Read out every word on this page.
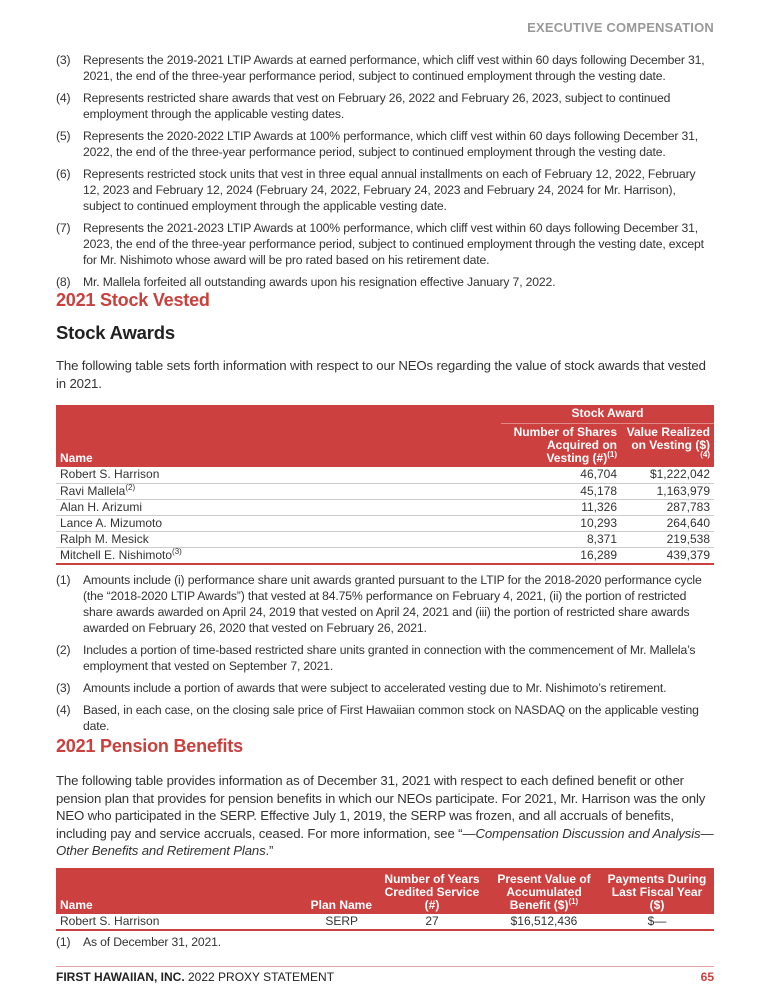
EXECUTIVE COMPENSATION
(3)	Represents the 2019-2021 LTIP Awards at earned performance, which cliff vest within 60 days following December 31, 2021, the end of the three-year performance period, subject to continued employment through the vesting date.
(4)	Represents restricted share awards that vest on February 26, 2022 and February 26, 2023, subject to continued employment through the applicable vesting dates.
(5)	Represents the 2020-2022 LTIP Awards at 100% performance, which cliff vest within 60 days following December 31, 2022, the end of the three-year performance period, subject to continued employment through the vesting date.
(6)	Represents restricted stock units that vest in three equal annual installments on each of February 12, 2022, February 12, 2023 and February 12, 2024 (February 24, 2022, February 24, 2023 and February 24, 2024 for Mr. Harrison), subject to continued employment through the applicable vesting date.
(7)	Represents the 2021-2023 LTIP Awards at 100% performance, which cliff vest within 60 days following December 31, 2023, the end of the three-year performance period, subject to continued employment through the vesting date, except for Mr. Nishimoto whose award will be pro rated based on his retirement date.
(8)	Mr. Mallela forfeited all outstanding awards upon his resignation effective January 7, 2022.
2021 Stock Vested
Stock Awards

The following table sets forth information with respect to our NEOs regarding the value of stock awards that vested in 2021.

Name	Stock Award	
	Number of Shares Acquired on Vesting (#)$^{(1)}$	Value Realized on Vesting ($)$^{(4)}$
Robert S. Harrison	46,704	$1,222,042
Ravi Mallela$^{(2)}$	45,178	1,163,979
Alan H. Arizumi	11,326	287,783
Lance A. Mizumoto	10,293	264,640
Ralph M. Mesick	8,371	219,538
Mitchell E. Nishimoto$^{(3)}$	16,289	439,379
(1)	Amounts include (i) performance share unit awards granted pursuant to the LTIP for the 2018-2020 performance cycle (the “2018-2020 LTIP Awards”) that vested at 84.75% performance on February 4, 2021, (ii) the portion of restricted share awards awarded on April 24, 2019 that vested on April 24, 2021 and (iii) the portion of restricted share awards awarded on February 26, 2020 that vested on February 26, 2021.
(2)	Includes a portion of time-based restricted share units granted in connection with the commencement of Mr. Mallela’s employment that vested on September 7, 2021.
(3)	Amounts include a portion of awards that were subject to accelerated vesting due to Mr. Nishimoto’s retirement.
(4)	Based, in each case, on the closing sale price of First Hawaiian common stock on NASDAQ on the applicable vesting date.
2021 Pension Benefits

The following table provides information as of December 31, 2021 with respect to each defined benefit or other pension plan that provides for pension benefits in which our NEOs participate. For 2021, Mr. Harrison was the only NEO who participated in the SERP. Effective July 1, 2019, the SERP was frozen, and all accruals of benefits, including pay and service accruals, ceased. For more information, see “—Compensation Discussion and Analysis—Other Benefits and Retirement Plans.”

Name	Plan Name	Number of Years Credited Service (#)	Present Value of Accumulated Benefit ($)$^{(1)}$	Payments During Last Fiscal Year ($)
Robert S. Harrison	SERP	27	$16,512,436	$—
(1)	As of December 31, 2021.
FIRST HAWAIIAN, INC. 2022 PROXY STATEMENT	65
